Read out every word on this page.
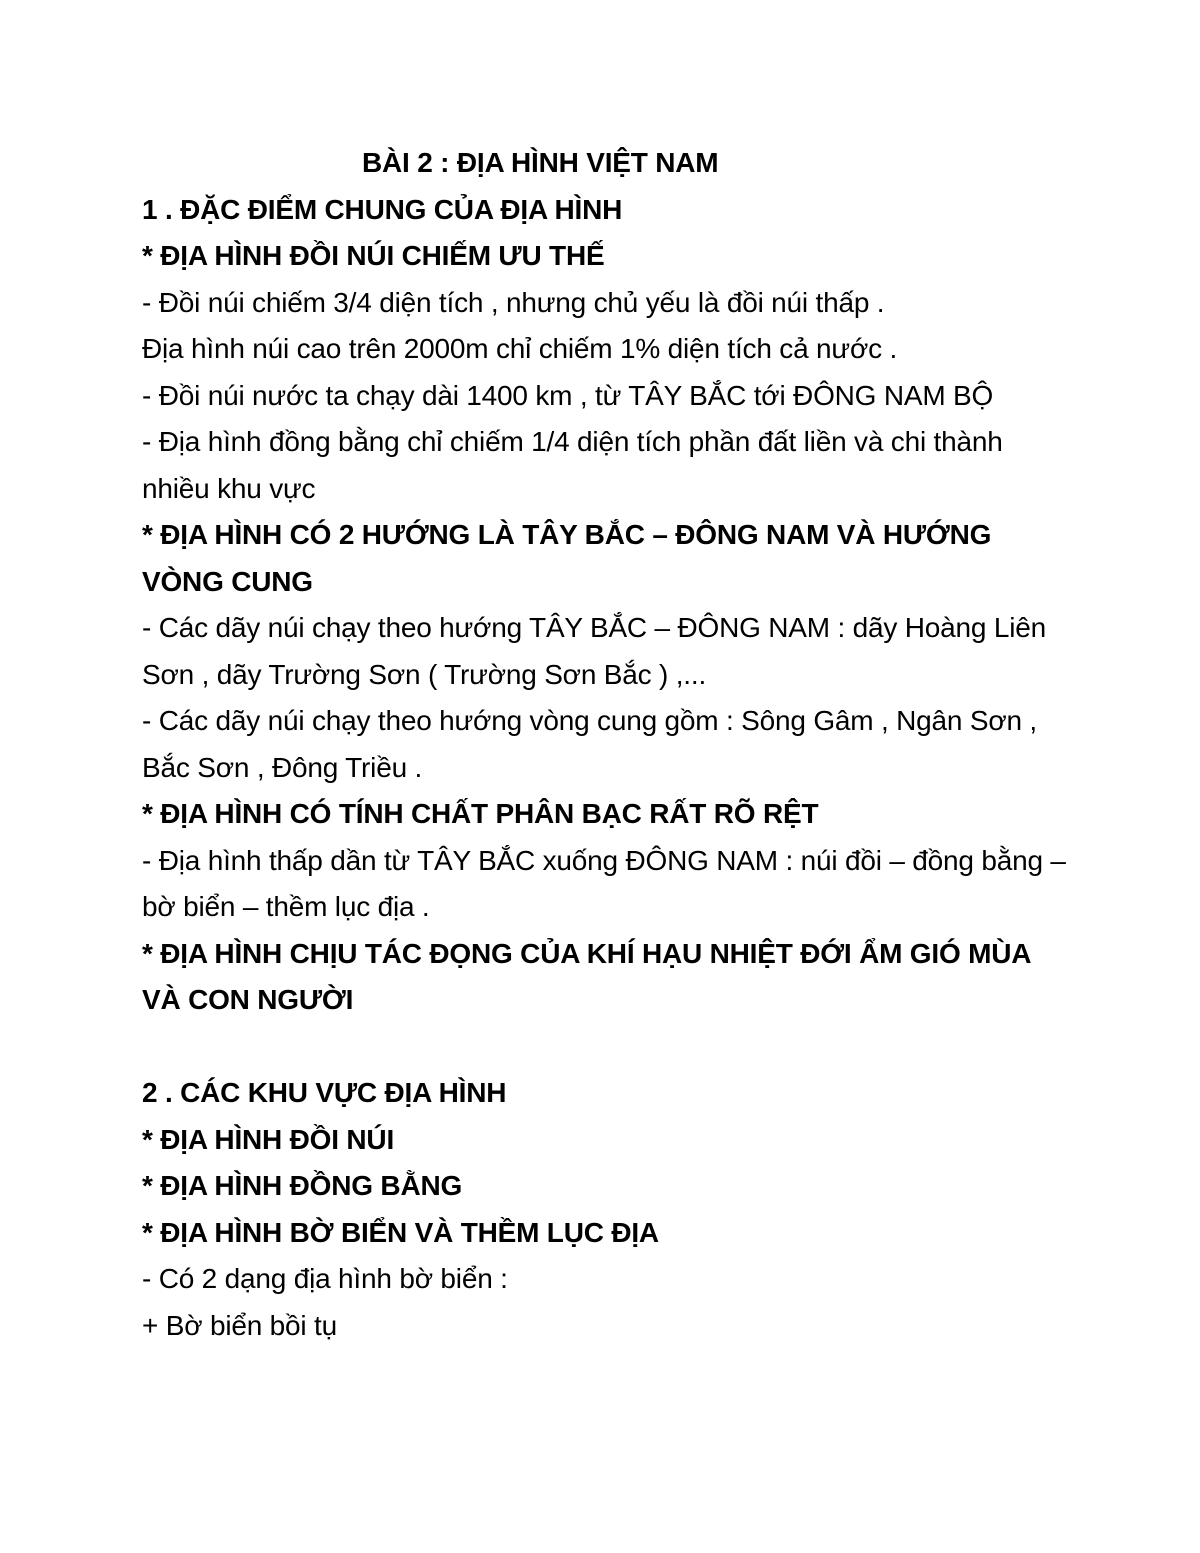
BÀI 2 : ĐỊA HÌNH VIỆT NAM

1 . ĐẶC ĐIỂM CHUNG CỦA ĐỊA HÌNH

* ĐỊA HÌNH ĐỒI NÚI CHIẾM ƯU THẾ

- Đồi núi chiếm 3/4 diện tích , nhưng chủ yếu là đồi núi thấp .

Địa hình núi cao trên 2000m chỉ chiếm 1% diện tích cả nước .

- Đồi núi nước ta chạy dài 1400 km , từ TÂY BẮC tới ĐÔNG NAM BỘ

- Địa hình đồng bằng chỉ chiếm 1/4 diện tích phần đất liền và chi thành nhiều khu vực

* ĐỊA HÌNH CÓ 2 HƯỚNG LÀ TÂY BẮC – ĐÔNG NAM VÀ HƯỚNG VÒNG CUNG

- Các dãy núi chạy theo hướng TÂY BẮC – ĐÔNG NAM : dãy Hoàng Liên Sơn , dãy Trường Sơn ( Trường Sơn Bắc ) ,...

- Các dãy núi chạy theo hướng vòng cung gồm : Sông Gâm , Ngân Sơn , Bắc Sơn , Đông Triều .

* ĐỊA HÌNH CÓ TÍNH CHẤT PHÂN BẠC RẤT RÕ RỆT

- Địa hình thấp dần từ TÂY BẮC xuống ĐÔNG NAM : núi đồi – đồng bằng – bờ biển – thềm lục địa .

* ĐỊA HÌNH CHỊU TÁC ĐỌNG CỦA KHÍ HẠU NHIỆT ĐỚI ẨM GIÓ MÙA VÀ CON NGƯỜI

2 . CÁC KHU VỰC ĐỊA HÌNH

* ĐỊA HÌNH ĐỒI NÚI

* ĐỊA HÌNH ĐỒNG BẰNG

* ĐỊA HÌNH BỜ BIỂN VÀ THỀM LỤC ĐỊA

- Có 2 dạng địa hình bờ biển :

+ Bờ biển bồi tụ
